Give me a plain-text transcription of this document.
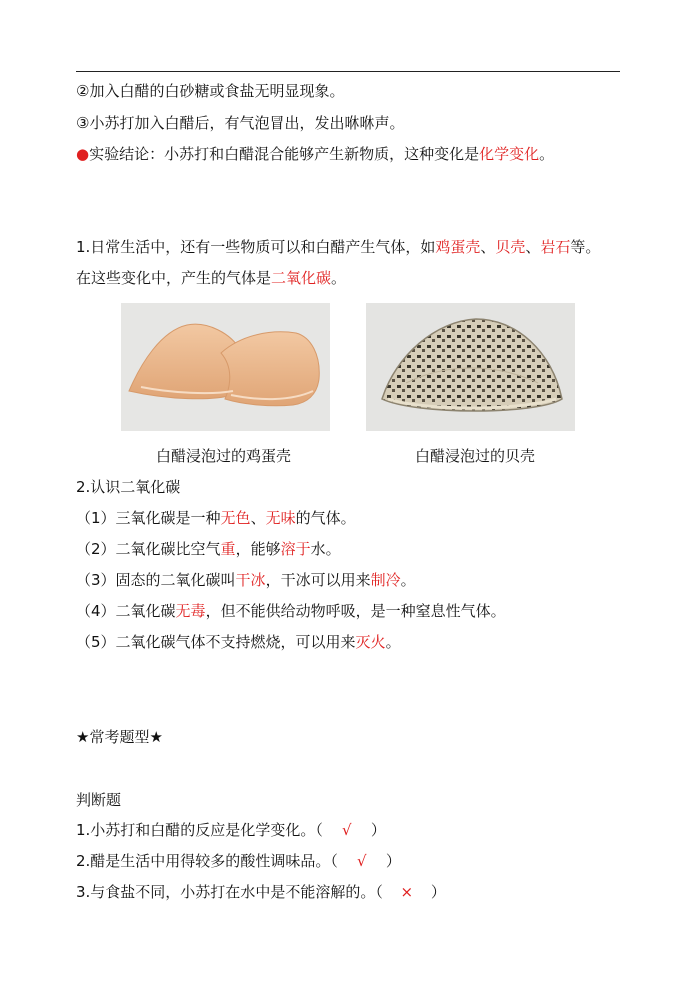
②加入白醋的白砂糖或食盐无明显现象。
③小苏打加入白醋后，有气泡冒出，发出咻咻声。
●实验结论：小苏打和白醋混合能够产生新物质，这种变化是化学变化。
1.日常生活中，还有一些物质可以和白醋产生气体，如鸡蛋壳、贝壳、岩石等。
在这些变化中，产生的气体是二氧化碳。
白醋浸泡过的鸡蛋壳	白醋浸泡过的贝壳
2.认识二氧化碳
（1）三氧化碳是一种无色、无味的气体。
（2）二氧化碳比空气重，能够溶于水。
（3）固态的二氧化碳叫干冰，干冰可以用来制冷。
（4）二氧化碳无毒，但不能供给动物呼吸，是一种窒息性气体。
（5）二氧化碳气体不支持燃烧，可以用来灭火。
★常考题型★
判断题
1.小苏打和白醋的反应是化学变化。（ √ ）
2.醋是生活中用得较多的酸性调味品。（ √ ）
3.与食盐不同，小苏打在水中是不能溶解的。（ × ）
